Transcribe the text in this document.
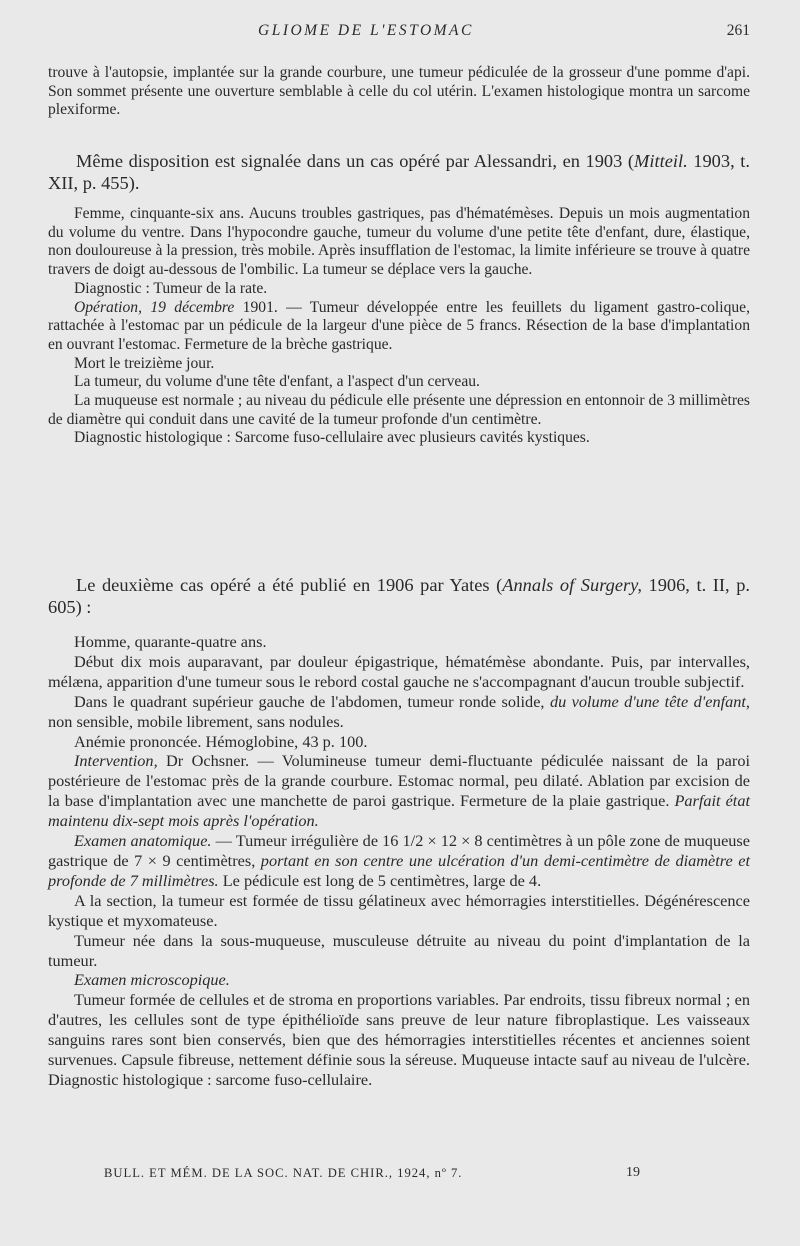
GLIOME DE L'ESTOMAC	261

trouve à l'autopsie, implantée sur la grande courbure, une tumeur pédiculée de la grosseur d'une pomme d'api. Son sommet présente une ouverture semblable à celle du col utérin. L'examen histologique montra un sarcome plexiforme.

Même disposition est signalée dans un cas opéré par Alessandri, en 1903 (Mitteil. 1903, t. XII, p. 455).

Femme, cinquante-six ans. Aucuns troubles gastriques, pas d'hématémèses. Depuis un mois augmentation du volume du ventre. Dans l'hypocondre gauche, tumeur du volume d'une petite tête d'enfant, dure, élastique, non douloureuse à la pression, très mobile. Après insufflation de l'estomac, la limite inférieure se trouve à quatre travers de doigt au-dessous de l'ombilic. La tumeur se déplace vers la gauche.

Diagnostic : Tumeur de la rate.

Opération, 19 décembre 1901. — Tumeur développée entre les feuillets du ligament gastro-colique, rattachée à l'estomac par un pédicule de la largeur d'une pièce de 5 francs. Résection de la base d'implantation en ouvrant l'estomac. Fermeture de la brèche gastrique.

Mort le treizième jour.

La tumeur, du volume d'une tête d'enfant, a l'aspect d'un cerveau.

La muqueuse est normale ; au niveau du pédicule elle présente une dépression en entonnoir de 3 millimètres de diamètre qui conduit dans une cavité de la tumeur profonde d'un centimètre.

Diagnostic histologique : Sarcome fuso-cellulaire avec plusieurs cavités kystiques.

Le deuxième cas opéré a été publié en 1906 par Yates (Annals of Surgery, 1906, t. II, p. 605) :

Homme, quarante-quatre ans.

Début dix mois auparavant, par douleur épigastrique, hématémèse abondante. Puis, par intervalles, mélæna, apparition d'une tumeur sous le rebord costal gauche ne s'accompagnant d'aucun trouble subjectif.

Dans le quadrant supérieur gauche de l'abdomen, tumeur ronde solide, du volume d'une tête d'enfant, non sensible, mobile librement, sans nodules.

Anémie prononcée. Hémoglobine, 43 p. 100.

Intervention, Dr Ochsner. — Volumineuse tumeur demi-fluctuante pédiculée naissant de la paroi postérieure de l'estomac près de la grande courbure. Estomac normal, peu dilaté. Ablation par excision de la base d'implantation avec une manchette de paroi gastrique. Fermeture de la plaie gastrique. Parfait état maintenu dix-sept mois après l'opération.

Examen anatomique. — Tumeur irrégulière de 16 1/2 × 12 × 8 centimètres à un pôle zone de muqueuse gastrique de 7 × 9 centimètres, portant en son centre une ulcération d'un demi-centimètre de diamètre et profonde de 7 millimètres. Le pédicule est long de 5 centimètres, large de 4.

A la section, la tumeur est formée de tissu gélatineux avec hémorragies interstitielles. Dégénérescence kystique et myxomateuse.

Tumeur née dans la sous-muqueuse, musculeuse détruite au niveau du point d'implantation de la tumeur.

Examen microscopique.

Tumeur formée de cellules et de stroma en proportions variables. Par endroits, tissu fibreux normal ; en d'autres, les cellules sont de type épithélioïde sans preuve de leur nature fibroplastique. Les vaisseaux sanguins rares sont bien conservés, bien que des hémorragies interstitielles récentes et anciennes soient survenues. Capsule fibreuse, nettement définie sous la séreuse. Muqueuse intacte sauf au niveau de l'ulcère. Diagnostic histologique : sarcome fuso-cellulaire.

BULL. ET MÉM. DE LA SOC. NAT. DE CHIR., 1924, nº 7.	19
